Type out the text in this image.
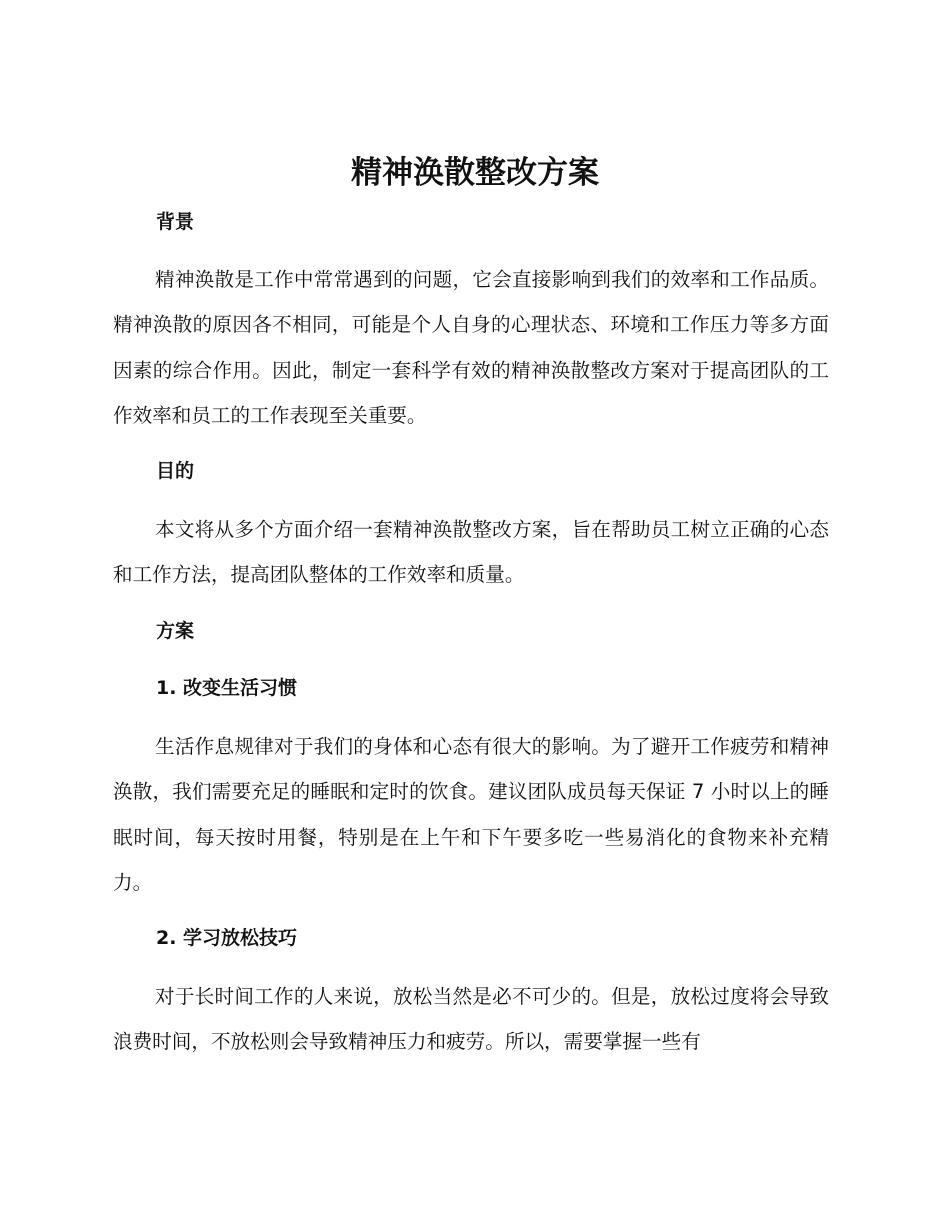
精神涣散整改方案
背景

精神涣散是工作中常常遇到的问题，它会直接影响到我们的效率和工作品质。精神涣散的原因各不相同，可能是个人自身的心理状态、环境和工作压力等多方面因素的综合作用。因此，制定一套科学有效的精神涣散整改方案对于提高团队的工作效率和员工的工作表现至关重要。

目的

本文将从多个方面介绍一套精神涣散整改方案，旨在帮助员工树立正确的心态和工作方法，提高团队整体的工作效率和质量。

方案
1. 改变生活习惯

生活作息规律对于我们的身体和心态有很大的影响。为了避开工作疲劳和精神涣散，我们需要充足的睡眠和定时的饮食。建议团队成员每天保证 7 小时以上的睡眠时间，每天按时用餐，特别是在上午和下午要多吃一些易消化的食物来补充精力。

2. 学习放松技巧

对于长时间工作的人来说，放松当然是必不可少的。但是，放松过度将会导致浪费时间，不放松则会导致精神压力和疲劳。所以，需要掌握一些有
